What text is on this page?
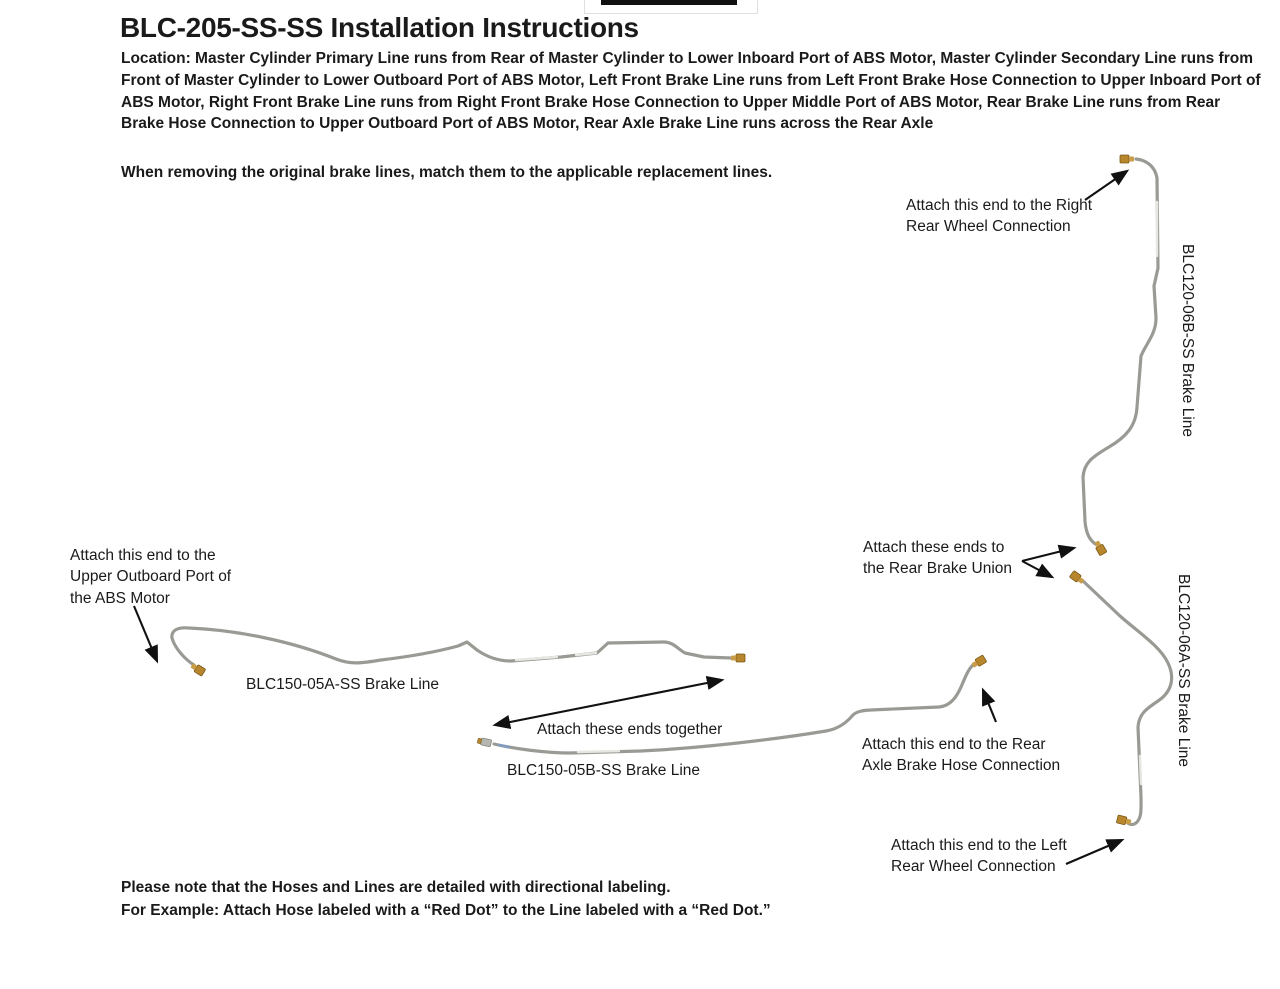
BLC-205-SS-SS Installation Instructions
Location: Master Cylinder Primary Line runs from Rear of Master Cylinder to Lower Inboard Port of ABS Motor, Master Cylinder Secondary Line runs from Front of Master Cylinder to Lower Outboard Port of ABS Motor, Left Front Brake Line runs from Left Front Brake Hose Connection to Upper Inboard Port of ABS Motor, Right Front Brake Line runs from Right Front Brake Hose Connection to Upper Middle Port of ABS Motor, Rear Brake Line runs from Rear Brake Hose Connection to Upper Outboard Port of ABS Motor, Rear Axle Brake Line runs across the Rear Axle
When removing the original brake lines, match them to the applicable replacement lines.
Attach this end to the Right
Rear Wheel Connection
Attach these ends to
the Rear Brake Union
Attach this end to the
Upper Outboard Port of
the ABS Motor
Attach these ends together
Attach this end to the Rear
Axle Brake Hose Connection
Attach this end to the Left
Rear Wheel Connection
BLC150-05A-SS Brake Line
BLC150-05B-SS Brake Line
BLC120-06B-SS Brake Line
BLC120-06A-SS Brake Line
Please note that the Hoses and Lines are detailed with directional labeling.
For Example: Attach Hose labeled with a “Red Dot” to the Line labeled with a “Red Dot.”
